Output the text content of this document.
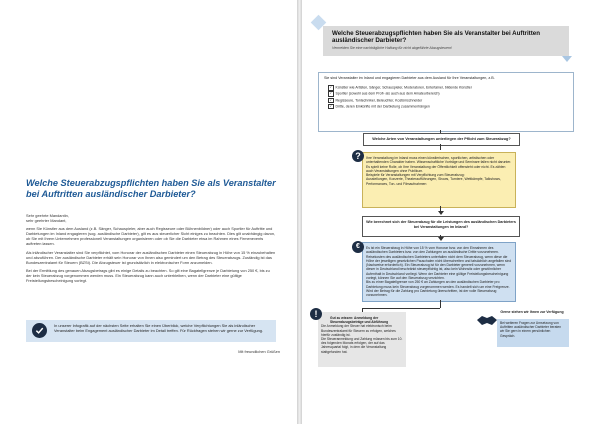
Welche Steuerabzugspflichten haben Sie als Veranstalter bei Auftritten ausländischer Darbieter?

Sehr geehrte Mandantin,

sehr geehrter Mandant,

wenn Sie Künstler aus dem Ausland (z.B. Sänger, Schauspieler, aber auch Regisseure oder Bühnenbildner) oder auch Sportler für Auftritte und Darbietungen im Inland engagieren (sog. ausländische Darbieter), gilt es aus steuerlicher Sicht einiges zu beachten. Dies gilt unabhängig davon, ob Sie mit Ihrem Unternehmen professionell Veranstaltungen organisieren oder ob Sie die Darbieter etwa im Rahmen eines Firmenevents auftreten lassen.

Als inländischer Veranstalter sind Sie verpflichtet, vom Honorar der ausländischen Darbieter einen Steuerabzug in Höhe von 15 % einzubehalten und abzuführen. Der ausländische Darbieter erhält sein Honorar von Ihnen also gemindert um den Betrag des Steuerabzugs. Zuständig ist das Bundeszentralamt für Steuern (BZSt). Die Abzugsteuer ist grundsätzlich in elektronischer Form anzumelden.

Bei der Ermittlung des genauen Abzugsbetrags gibt es einige Details zu beachten. So gilt eine Bagatellgrenze je Darbietung von 250 €, bis zu der kein Steuerabzug vorgenommen werden muss. Ein Steuerabzug kann auch unterbleiben, wenn der Darbieter eine gültige Freistellungsbescheinigung vorlegt.

In unserer Infografik auf der nächsten Seite erhalten Sie einen Überblick, welche Verpflichtungen Sie als inländischer Veranstalter beim Engagement ausländischer Darbieter im Detail treffen. Für Rückfragen stehen wir gerne zur Verfügung.
Mit freundlichen Grüßen
Welche Steuerabzugspflichten haben Sie als Veranstalter bei Auftritten ausländischer Darbieter?
Vermeiden Sie eine nachträgliche Haftung für nicht abgeführte Abzugsteuern!
Sie sind Veranstalter im Inland und engagieren Darbieter aus dem Ausland für Ihre Veranstaltungen, z.B.
✓ Künstler wie Artisten, Sänger, Schauspieler, Moderatoren, Entertainer, bildende Künstler
✓ Sportler (sowohl aus dem Profi- als auch aus dem Amateurbereich)
✓ Regisseure, Tontechniker, Beleuchter, Kostümschneider
✓ Dritte, deren Einkünfte mit der Darbietung zusammenhängen
Welche Arten von Veranstaltungen unterliegen der Pflicht zum Steuerabzug?

Ihre Veranstaltung im Inland muss einen künstlerischen, sportlichen, artistischen oder unterhaltenden Charakter haben. Wissenschaftliche Vorträge und Seminare fallen nicht darunter.

Es spielt keine Rolle, ob Ihre Veranstaltung der Öffentlichkeit offensteht oder nicht. Es zählen auch Veranstaltungen ohne Publikum.

Beispiele für Veranstaltungen mit Verpflichtung zum Steuerabzug:

Ausstellungen, Konzerte, Theateraufführungen, Shows, Turniere, Wettkämpfe, Talkshows, Performances, Ton- und Filmaufnahmen

?
Wie berechnet sich der Steuerabzug für die Leistungen des ausländischen Darbieters bei Veranstaltungen im Inland?

Es ist ein Steuerabzug in Höhe von 15 % vom Honorar bzw. von den Einnahmen des ausländischen Darbieters bzw. von den Zahlungen an ausländische Dritte vorzunehmen.

Reisekosten des ausländischen Darbieters unterfallen nicht dem Steuerabzug, wenn diese die Höhe der jeweiligen gesetzlichen Pauschalen nicht überschreiten und tatsächlich angefallen sind (Nachweise erforderlich). Ein Steuerabzug ist für den Darbieter generell vorzunehmen, wenn dieser in Deutschland beschränkt steuerpflichtig ist, also kein Wohnsitz oder gewöhnlicher Aufenthalt in Deutschland vorliegt. Wenn der Darbieter eine gültige Freistellungsbescheinigung vorlegt, können Sie auf den Steuerabzug verzichten.

Bis zu einer Bagatellgrenze von 250 € an Zahlungen an den ausländischen Darbieter pro Darbietung muss kein Steuerabzug vorgenommen werden. Es handelt sich um eine Freigrenze. Wird der Betrag für die Zahlung pro Darbietung überschritten, ist der volle Steuerabzug vorzunehmen.

€

Gut zu wissen: Anmeldung der Steuerabzugsbeträge und Abführung

Die Anmeldung der Steuer hat elektronisch beim Bundeszentralamt für Steuern zu erfolgen, welches hierfür zuständig ist.

Die Steueranmeldung und Zahlung müssen bis zum 10. des folgenden Monats erfolgen, der auf das Jahresquartal folgt, in dem die Veranstaltung stattgefunden hat.

!	Gerne stehen wir Ihnen zur Verfügung

Bei weiteren Fragen zur Umsetzung von Auftritten ausländischer Darbieter beraten wir Sie gern in einem persönlichen Gespräch.
